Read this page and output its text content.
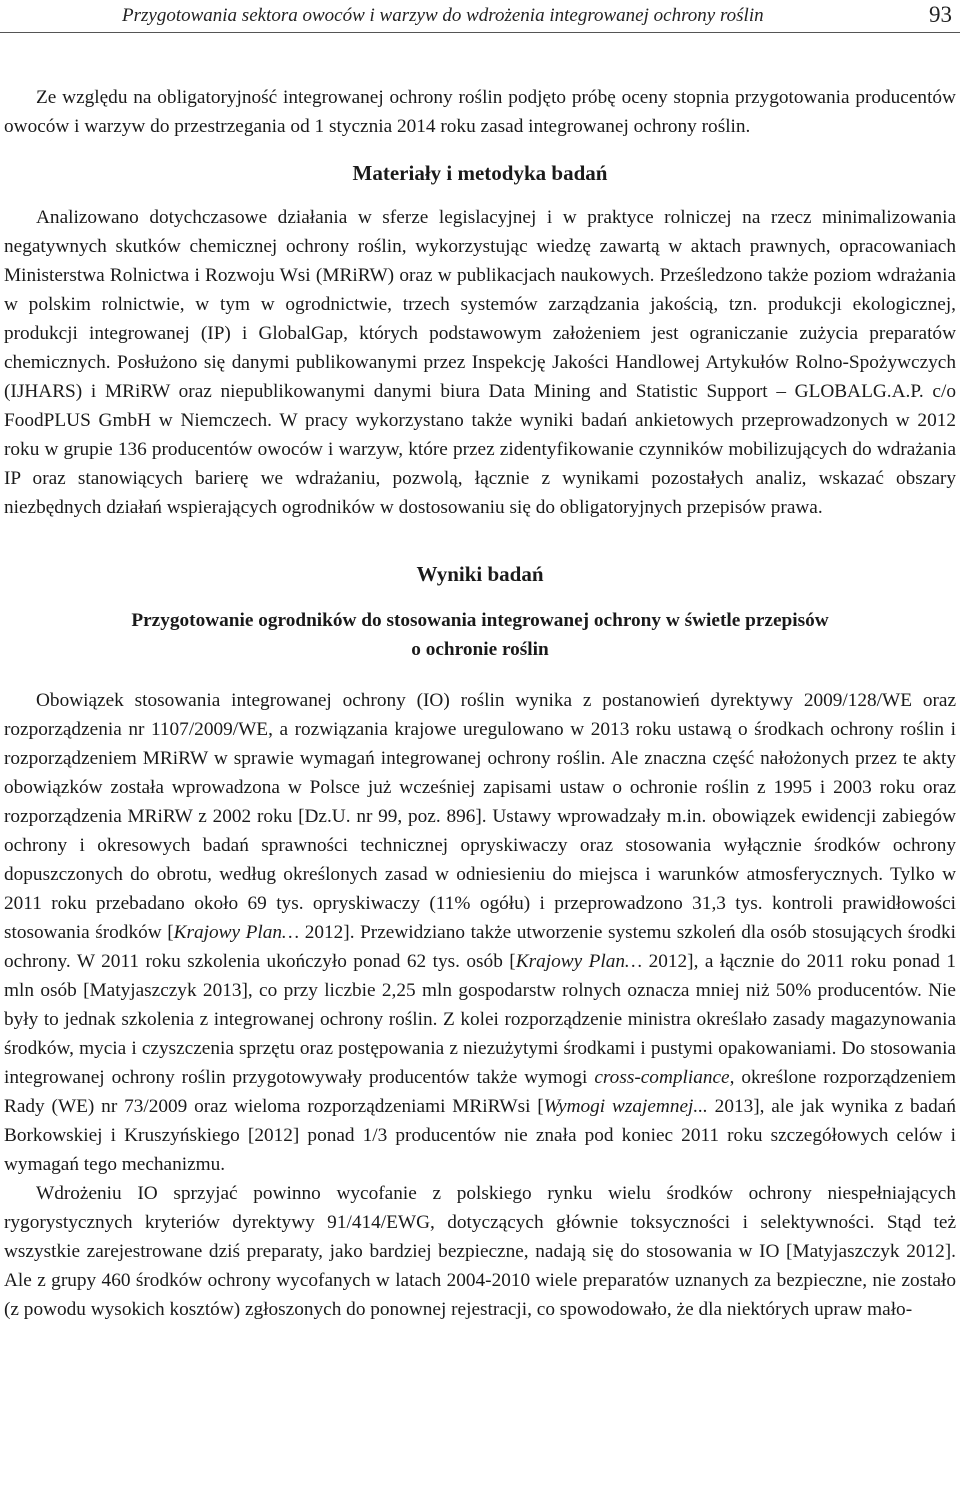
Przygotowania sektora owoców i warzyw do wdrożenia integrowanej ochrony roślin	93

Ze względu na obligatoryjność integrowanej ochrony roślin podjęto próbę oceny stopnia przygotowania producentów owoców i warzyw do przestrzegania od 1 stycznia 2014 roku zasad integrowanej ochrony roślin.

Materiały i metodyka badań

Analizowano dotychczasowe działania w sferze legislacyjnej i w praktyce rolniczej na rzecz minimalizowania negatywnych skutków chemicznej ochrony roślin, wykorzystując wiedzę zawartą w aktach prawnych, opracowaniach Ministerstwa Rolnictwa i Rozwoju Wsi (MRiRW) oraz w publikacjach naukowych. Prześledzono także poziom wdrażania w polskim rolnictwie, w tym w ogrodnictwie, trzech systemów zarządzania jakością, tzn. produkcji ekologicznej, produkcji integrowanej (IP) i GlobalGap, których podstawowym założeniem jest ograniczanie zużycia preparatów chemicznych. Posłużono się danymi publikowanymi przez Inspekcję Jakości Handlowej Artykułów Rolno-Spożywczych (IJHARS) i MRiRW oraz niepublikowanymi danymi biura Data Mining and Statistic Support – GLOBALG.A.P. c/o FoodPLUS GmbH w Niemczech. W pracy wykorzystano także wyniki badań ankietowych przeprowadzonych w 2012 roku w grupie 136 producentów owoców i warzyw, które przez zidentyfikowanie czynników mobilizujących do wdrażania IP oraz stanowiących barierę we wdrażaniu, pozwolą, łącznie z wynikami pozostałych analiz, wskazać obszary niezbędnych działań wspierających ogrodników w dostosowaniu się do obligatoryjnych przepisów prawa.

Wyniki badań
Przygotowanie ogrodników do stosowania integrowanej ochrony w świetle przepisów
o ochronie roślin

Obowiązek stosowania integrowanej ochrony (IO) roślin wynika z postanowień dyrektywy 2009/128/WE oraz rozporządzenia nr 1107/2009/WE, a rozwiązania krajowe uregulowano w 2013 roku ustawą o środkach ochrony roślin i rozporządzeniem MRiRW w sprawie wymagań integrowanej ochrony roślin. Ale znaczna część nałożonych przez te akty obowiązków została wprowadzona w Polsce już wcześniej zapisami ustaw o ochronie roślin z 1995 i 2003 roku oraz rozporządzenia MRiRW z 2002 roku [Dz.U. nr 99, poz. 896]. Ustawy wprowadzały m.in. obowiązek ewidencji zabiegów ochrony i okresowych badań sprawności technicznej opryskiwaczy oraz stosowania wyłącznie środków ochrony dopuszczonych do obrotu, według określonych zasad w odniesieniu do miejsca i warunków atmosferycznych. Tylko w 2011 roku przebadano około 69 tys. opryskiwaczy (11% ogółu) i przeprowadzono 31,3 tys. kontroli prawidłowości stosowania środków [Krajowy Plan… 2012]. Przewidziano także utworzenie systemu szkoleń dla osób stosujących środki ochrony. W 2011 roku szkolenia ukończyło ponad 62 tys. osób [Krajowy Plan… 2012], a łącznie do 2011 roku ponad 1 mln osób [Matyjaszczyk 2013], co przy liczbie 2,25 mln gospodarstw rolnych oznacza mniej niż 50% producentów. Nie były to jednak szkolenia z integrowanej ochrony roślin. Z kolei rozporządzenie ministra określało zasady magazynowania środków, mycia i czyszczenia sprzętu oraz postępowania z niezużytymi środkami i pustymi opakowaniami. Do stosowania integrowanej ochrony roślin przygotowywały producentów także wymogi cross-compliance, określone rozporządzeniem Rady (WE) nr 73/2009 oraz wieloma rozporządzeniami MRiRWsi [Wymogi wzajemnej... 2013], ale jak wynika z badań Borkowskiej i Kruszyńskiego [2012] ponad 1/3 producentów nie znała pod koniec 2011 roku szczegółowych celów i wymagań tego mechanizmu.

Wdrożeniu IO sprzyjać powinno wycofanie z polskiego rynku wielu środków ochrony niespełniających rygorystycznych kryteriów dyrektywy 91/414/EWG, dotyczących głównie toksyczności i selektywności. Stąd też wszystkie zarejestrowane dziś preparaty, jako bardziej bezpieczne, nadają się do stosowania w IO [Matyjaszczyk 2012]. Ale z grupy 460 środków ochrony wycofanych w latach 2004-2010 wiele preparatów uznanych za bezpieczne, nie zostało (z powodu wysokich kosztów) zgłoszonych do ponownej rejestracji, co spowodowało, że dla niektórych upraw mało-
